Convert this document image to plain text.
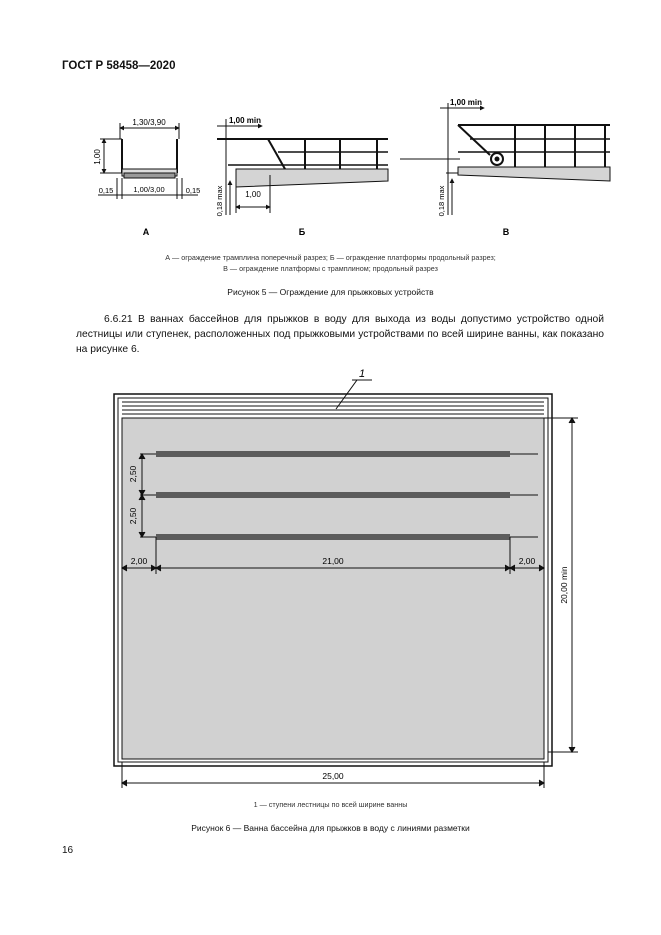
ГОСТ Р 58458—2020
1,30/3,90
1,00
0,15	1,00/3,00	0,15
А
1,00 min
0,18 max	1,00
Б
1,00 min
0,18 max
В
А — ограждение трамплина поперечный разрез; Б — ограждение платформы продольный разрез;
В — ограждение платформы с трамплином; продольный разрез
Рисунок 5 — Ограждение для прыжковых устройств
6.6.21 В ваннах бассейнов для прыжков в воду для выхода из воды допустимо устройство одной лестницы или ступенек, расположенных под прыжковыми устройствами по всей ширине ванны, как показано на рисунке 6.
1
2,50
2,50
2,00	21,00	2,00
20,00 min
25,00
1 — ступени лестницы по всей ширине ванны
Рисунок 6 — Ванна бассейна для прыжков в воду с линиями разметки
16
